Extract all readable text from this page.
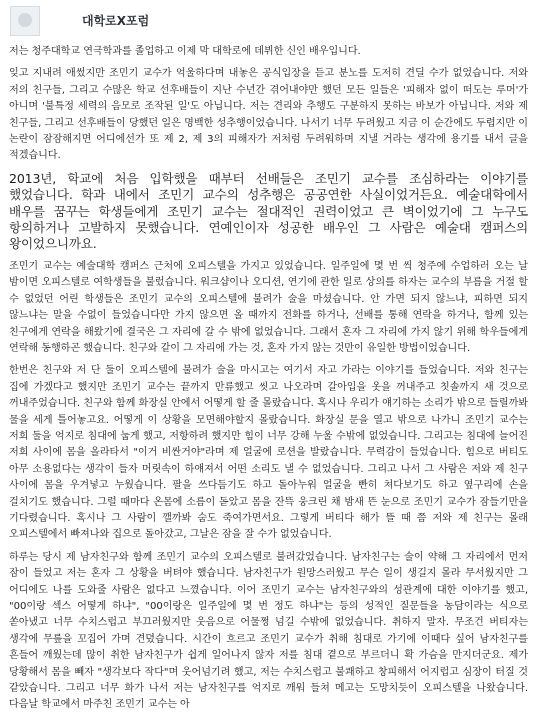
대학로X포럼

저는 청주대학교 연극학과를 졸업하고 이제 막 대학로에 데뷔한 신인 배우입니다.

잊고 지내려 애썼지만 조민기 교수가 억울하다며 내놓은 공식입장을 듣고 분노를 도저히 견딜 수가 없었습니다. 저와 저의 친구들, 그리고 수많은 학교 선후배들이 지난 수년간 겪어내야만 했던 모든 일들은 '피해자 없이 떠도는 루머'가 아니며 '불특정 세력의 음모로 조작된 일'도 아닙니다. 저는 견리와 추행도 구분하지 못하는 바보가 아닙니다. 저와 제 친구들, 그리고 선후배들이 당했던 일은 명백한 성추행이었습니다. 나서기 너무 두려웠고 지금 이 순간에도 두렵지만 이 논란이 잠잠해지면 어디에선가 또 제 2, 제 3의 피해자가 저처럼 두려워하며 지낼 거라는 생각에 용기를 내서 글을 적겠습니다.

2013년, 학교에 처음 입학했을 때부터 선배들은 조민기 교수를 조심하라는 이야기를 했었습니다. 학과 내에서 조민기 교수의 성추행은 공공연한 사실이었거든요. 예술대학에서 배우를 꿈꾸는 학생들에게 조민기 교수는 절대적인 권력이었고 큰 벽이었기에 그 누구도 항의하거나 고발하지 못했습니다. 연예인이자 성공한 배우인 그 사람은 예술대 캠퍼스의 왕이었으니까요.

조민기 교수는 예술대학 캠퍼스 근처에 오피스텔을 가지고 있었습니다. 일주일에 몇 번 씩 청주에 수업하러 오는 날 밤이면 오피스텔로 여학생들을 불렀습니다. 워크샵이나 오디션, 연기에 관한 일로 상의를 하자는 교수의 부름을 거절 할 수 없었던 어린 학생들은 조민기 교수의 오피스텔에 불려가 술을 마셨습니다. 안 가면 되지 않느냐, 피하면 되지 않느냐는 말을 수없이 들었습니다만 가지 않으면 올 때까지 전화를 하거나, 선배를 통해 연락을 하거나, 함께 있는 친구에게 연락을 해왔기에 결국은 그 자리에 갈 수 밖에 없었습니다. 그래서 혼자 그 자리에 가지 않기 위해 학우들에게 연락해 동행하곤 했습니다. 친구와 같이 그 자리에 가는 것, 혼자 가지 않는 것만이 유일한 방법이었습니다.

한번은 친구와 저 단 둘이 오피스텔에 불려가 술을 마시고는 여기서 자고 가라는 이야기를 들었습니다. 저와 친구는 집에 가겠다고 했지만 조민기 교수는 끝까지 만류했고 씻고 나오라며 갈아입을 옷을 꺼내주고 칫솔까지 새 것으로 꺼내주었습니다. 친구와 함께 화장실 안에서 어떻게 할 줄 몰랐습니다. 혹시나 우리가 얘기하는 소리가 밖으로 들릴까봐 물을 세게 틀어놓고요. 어떻게 이 상황을 모면해야할지 몰랐습니다. 화장실 문을 열고 밖으로 나가니 조민기 교수는 저희 둘을 억지로 침대에 눕게 했고, 저항하려 했지만 힘이 너무 강해 누울 수밖에 없었습니다. 그리고는 침대에 늘어진 저희 사이에 몸을 올라타서 "이거 비싼거야"라며 제 얼굴에 로션을 발랐습니다. 무력감이 들었습니다. 힘으로 버티도 아무 소용없다는 생각이 들자 머릿속이 하얘져서 어떤 소리도 낼 수 없었습니다. 그리고 나서 그 사람은 저와 제 친구 사이에 몸을 우겨넣고 누웠습니다. 팔을 쓰다듬기도 하고 돌아누워 얼굴을 빤히 쳐다보기도 하고 옆구리에 손을 걸치기도 했습니다. 그럴 때마다 온몸에 소름이 돋았고 몸을 잔뜩 웅크린 채 밤새 뜬 눈으로 조민기 교수가 잠들기만을 기다렸습니다. 혹시나 그 사람이 깰까봐 숨도 죽여가면서요. 그렇게 버티다 해가 뜰 때 쯤 저와 제 친구는 몰래 오피스텔에서 빠져나와 집으로 돌아갔고, 그날은 잠을 잘 수가 없었습니다.

하루는 당시 제 남자친구와 함께 조민기 교수의 오피스텔로 불려갔었습니다. 남자친구는 술이 약해 그 자리에서 먼저 잠이 들었고 저는 혼자 그 상황을 버텨야 했습니다. 남자친구가 원망스러웠고 무슨 일이 생길지 몰라 무서웠지만 그 어디에도 나를 도와줄 사람은 없다고 느꼈습니다. 이어 조민기 교수는 남자친구와의 성관계에 대한 이야기를 했고, "00이랑 섹스 어떻게 하냐", "00이랑은 일주일에 몇 번 정도 하냐"는 등의 성적인 질문들을 농담이라는 식으로 쏟아냈고 너무 수치스럽고 부끄러웠지만 웃음으로 어물쩡 넘길 수밖에 없었습니다. 취하지 말자. 무조건 버티자는 생각에 무릎을 꼬집어 가며 견뎠습니다. 시간이 흐르고 조민기 교수가 취해 침대로 가기에 이때다 싶어 남자친구를 흔들어 깨웠는데 많이 취한 남자친구가 쉽게 일어나지 않자 저를 침대 곁으로 부르더니 확 가슴을 만지더군요. 제가 당황해서 몸을 빼자 "생각보다 작다"며 웃어넘기려 했고, 저는 수치스럽고 불쾌하고 창피해서 어지럽고 심장이 터질 것 같았습니다. 그리고 너무 화가 나서 저는 남자친구를 억지로 깨워 들쳐 메고는 도망치듯이 오피스텔을 나왔습니다. 다음날 학교에서 마주친 조민기 교수는 아
